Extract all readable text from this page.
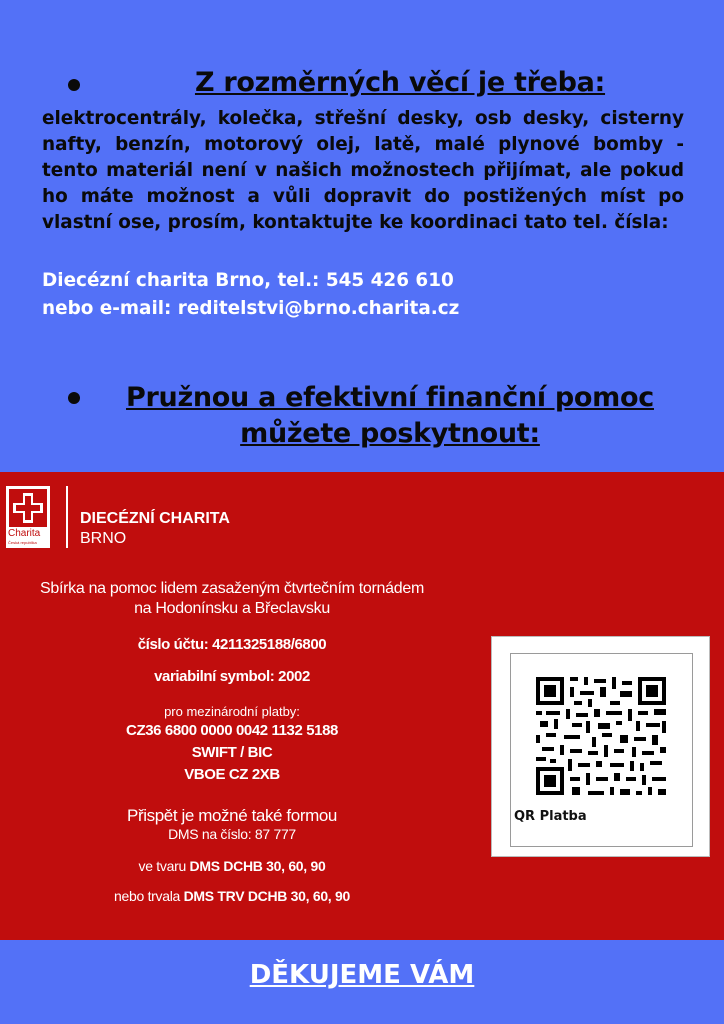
Z rozměrných věcí je třeba:
elektrocentrály, kolečka, střešní desky, osb desky, cisterny nafty, benzín, motorový olej, latě, malé plynové bomby - tento materiál není v našich možnostech přijímat, ale pokud ho máte možnost a vůli dopravit do postižených míst po vlastní ose, prosím, kontaktujte ke koordinaci tato tel. čísla:
Diecézní charita Brno, tel.: 545 426 610
nebo e-mail: reditelstvi@brno.charita.cz
Pružnou a efektivní finanční pomoc
můžete poskytnout:
Charita
Česká republika
DIECÉZNÍ CHARITA
BRNO
Sbírka na pomoc lidem zasaženým čtvrtečním tornádem
na Hodonínsku a Břeclavsku
číslo účtu: 4211325188/6800
variabilní symbol: 2002
pro mezinárodní platby:
CZ36 6800 0000 0042 1132 5188
SWIFT / BIC
VBOE CZ 2XB
Přispět je možné také formou
DMS na číslo: 87 777
ve tvaru DMS DCHB 30, 60, 90
nebo trvala DMS TRV DCHB 30, 60, 90
QR Platba
DĚKUJEME VÁM
